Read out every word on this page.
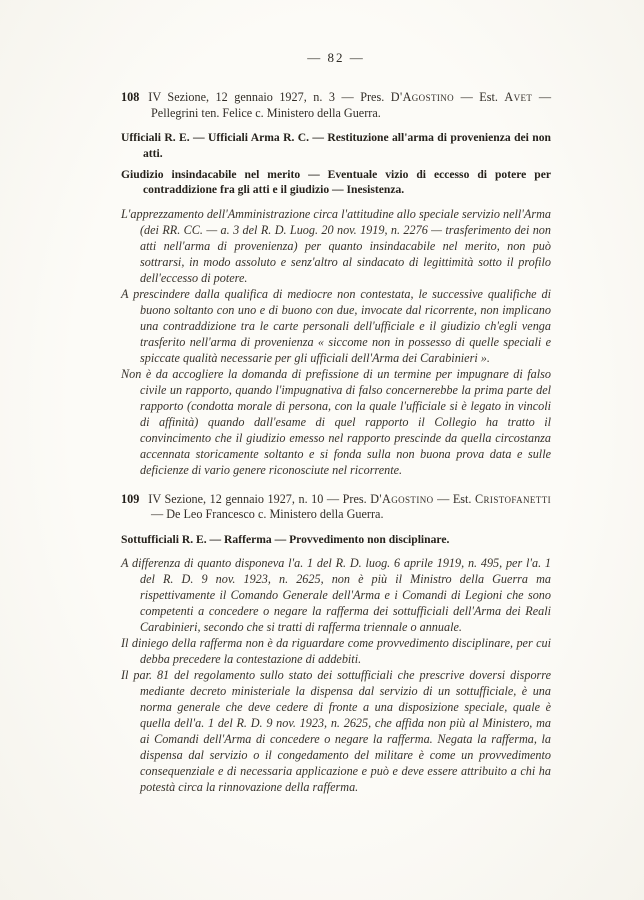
— 82 —

108 IV Sezione, 12 gennaio 1927, n. 3 — Pres. D'Agostino — Est. Avet — Pellegrini ten. Felice c. Ministero della Guerra.

Ufficiali R. E. — Ufficiali Arma R. C. — Restituzione all'arma di provenienza dei non atti.

Giudizio insindacabile nel merito — Eventuale vizio di eccesso di potere per contraddizione fra gli atti e il giudizio — Inesistenza.

L'apprezzamento dell'Amministrazione circa l'attitudine allo speciale servizio nell'Arma (dei RR. CC. — a. 3 del R. D. Luog. 20 nov. 1919, n. 2276 — trasferimento dei non atti nell'arma di provenienza) per quanto insindacabile nel merito, non può sottrarsi, in modo assoluto e senz'altro al sindacato di legittimità sotto il profilo dell'eccesso di potere.

A prescindere dalla qualifica di mediocre non contestata, le successive qualifiche di buono soltanto con uno e di buono con due, invocate dal ricorrente, non implicano una contraddizione tra le carte personali dell'ufficiale e il giudizio ch'egli venga trasferito nell'arma di provenienza « siccome non in possesso di quelle speciali e spiccate qualità necessarie per gli ufficiali dell'Arma dei Carabinieri ».

Non è da accogliere la domanda di prefissione di un termine per impugnare di falso civile un rapporto, quando l'impugnativa di falso concernerebbe la prima parte del rapporto (condotta morale di persona, con la quale l'ufficiale si è legato in vincoli di affinità) quando dall'esame di quel rapporto il Collegio ha tratto il convincimento che il giudizio emesso nel rapporto prescinde da quella circostanza accennata storicamente soltanto e si fonda sulla non buona prova data e sulle deficienze di vario genere riconosciute nel ricorrente.

109 IV Sezione, 12 gennaio 1927, n. 10 — Pres. D'Agostino — Est. Cristofanetti — De Leo Francesco c. Ministero della Guerra.

Sottufficiali R. E. — Rafferma — Provvedimento non disciplinare.

A differenza di quanto disponeva l'a. 1 del R. D. luog. 6 aprile 1919, n. 495, per l'a. 1 del R. D. 9 nov. 1923, n. 2625, non è più il Ministro della Guerra ma rispettivamente il Comando Generale dell'Arma e i Comandi di Legioni che sono competenti a concedere o negare la rafferma dei sottufficiali dell'Arma dei Reali Carabinieri, secondo che si tratti di rafferma triennale o annuale.

Il diniego della rafferma non è da riguardare come provvedimento disciplinare, per cui debba precedere la contestazione di addebiti.

Il par. 81 del regolamento sullo stato dei sottufficiali che prescrive doversi disporre mediante decreto ministeriale la dispensa dal servizio di un sottufficiale, è una norma generale che deve cedere di fronte a una disposizione speciale, quale è quella dell'a. 1 del R. D. 9 nov. 1923, n. 2625, che affida non più al Ministero, ma ai Comandi dell'Arma di concedere o negare la rafferma. Negata la rafferma, la dispensa dal servizio o il congedamento del militare è come un provvedimento consequenziale e di necessaria applicazione e può e deve essere attribuito a chi ha potestà circa la rinnovazione della rafferma.
